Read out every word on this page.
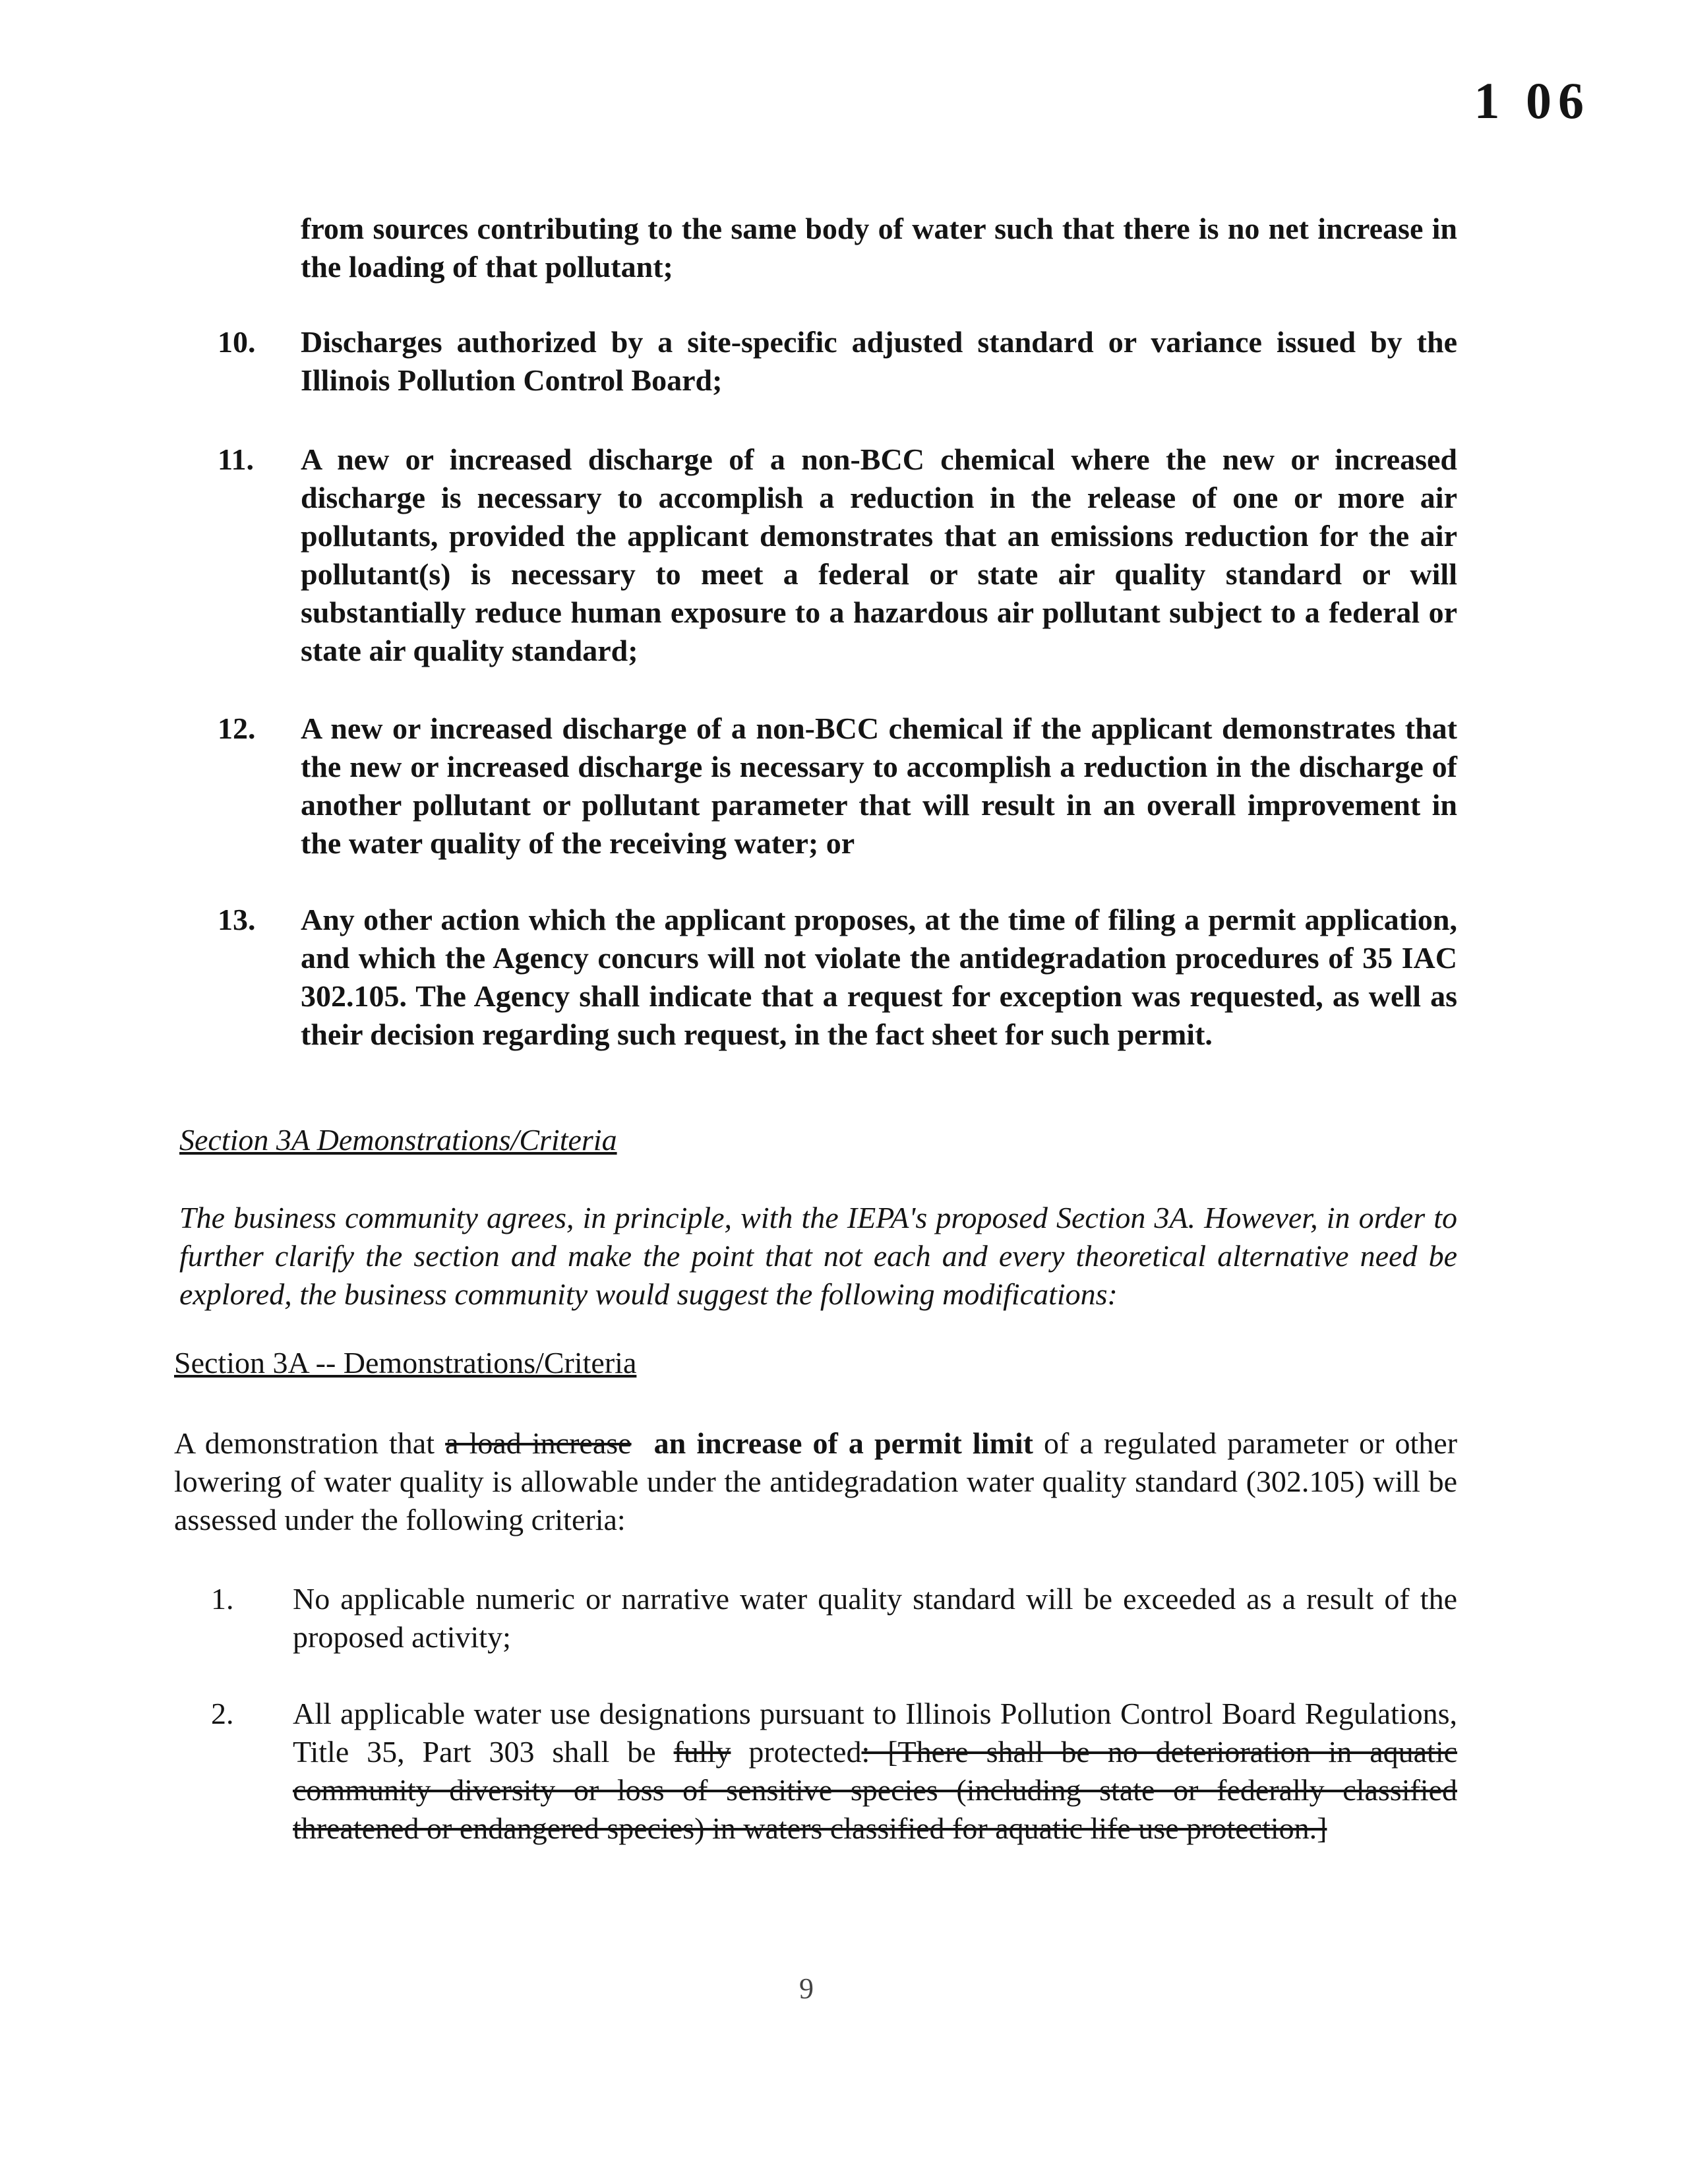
1 06
from sources contributing to the same body of water such that there is no net increase in the loading of that pollutant;
10.	Discharges authorized by a site-specific adjusted standard or variance issued by the Illinois Pollution Control Board;
11.	A new or increased discharge of a non-BCC chemical where the new or increased discharge is necessary to accomplish a reduction in the release of one or more air pollutants, provided the applicant demonstrates that an emissions reduction for the air pollutant(s) is necessary to meet a federal or state air quality standard or will substantially reduce human exposure to a hazardous air pollutant subject to a federal or state air quality standard;
12.	A new or increased discharge of a non-BCC chemical if the applicant demonstrates that the new or increased discharge is necessary to accomplish a reduction in the discharge of another pollutant or pollutant parameter that will result in an overall improvement in the water quality of the receiving water; or
13.	Any other action which the applicant proposes, at the time of filing a permit application, and which the Agency concurs will not violate the antidegradation procedures of 35 IAC 302.105. The Agency shall indicate that a request for exception was requested, as well as their decision regarding such request, in the fact sheet for such permit.
Section 3A Demonstrations/Criteria
The business community agrees, in principle, with the IEPA's proposed Section 3A. However, in order to further clarify the section and make the point that not each and every theoretical alternative need be explored, the business community would suggest the following modifications:
Section 3A -- Demonstrations/Criteria
A demonstration that a load increase an increase of a permit limit of a regulated parameter or other lowering of water quality is allowable under the antidegradation water quality standard (302.105) will be assessed under the following criteria:
1.	No applicable numeric or narrative water quality standard will be exceeded as a result of the proposed activity;
2.	All applicable water use designations pursuant to Illinois Pollution Control Board Regulations, Title 35, Part 303 shall be fully protected: [There shall be no deterioration in aquatic community diversity or loss of sensitive species (including state or federally classified threatened or endangered species) in waters classified for aquatic life use protection.]
9
